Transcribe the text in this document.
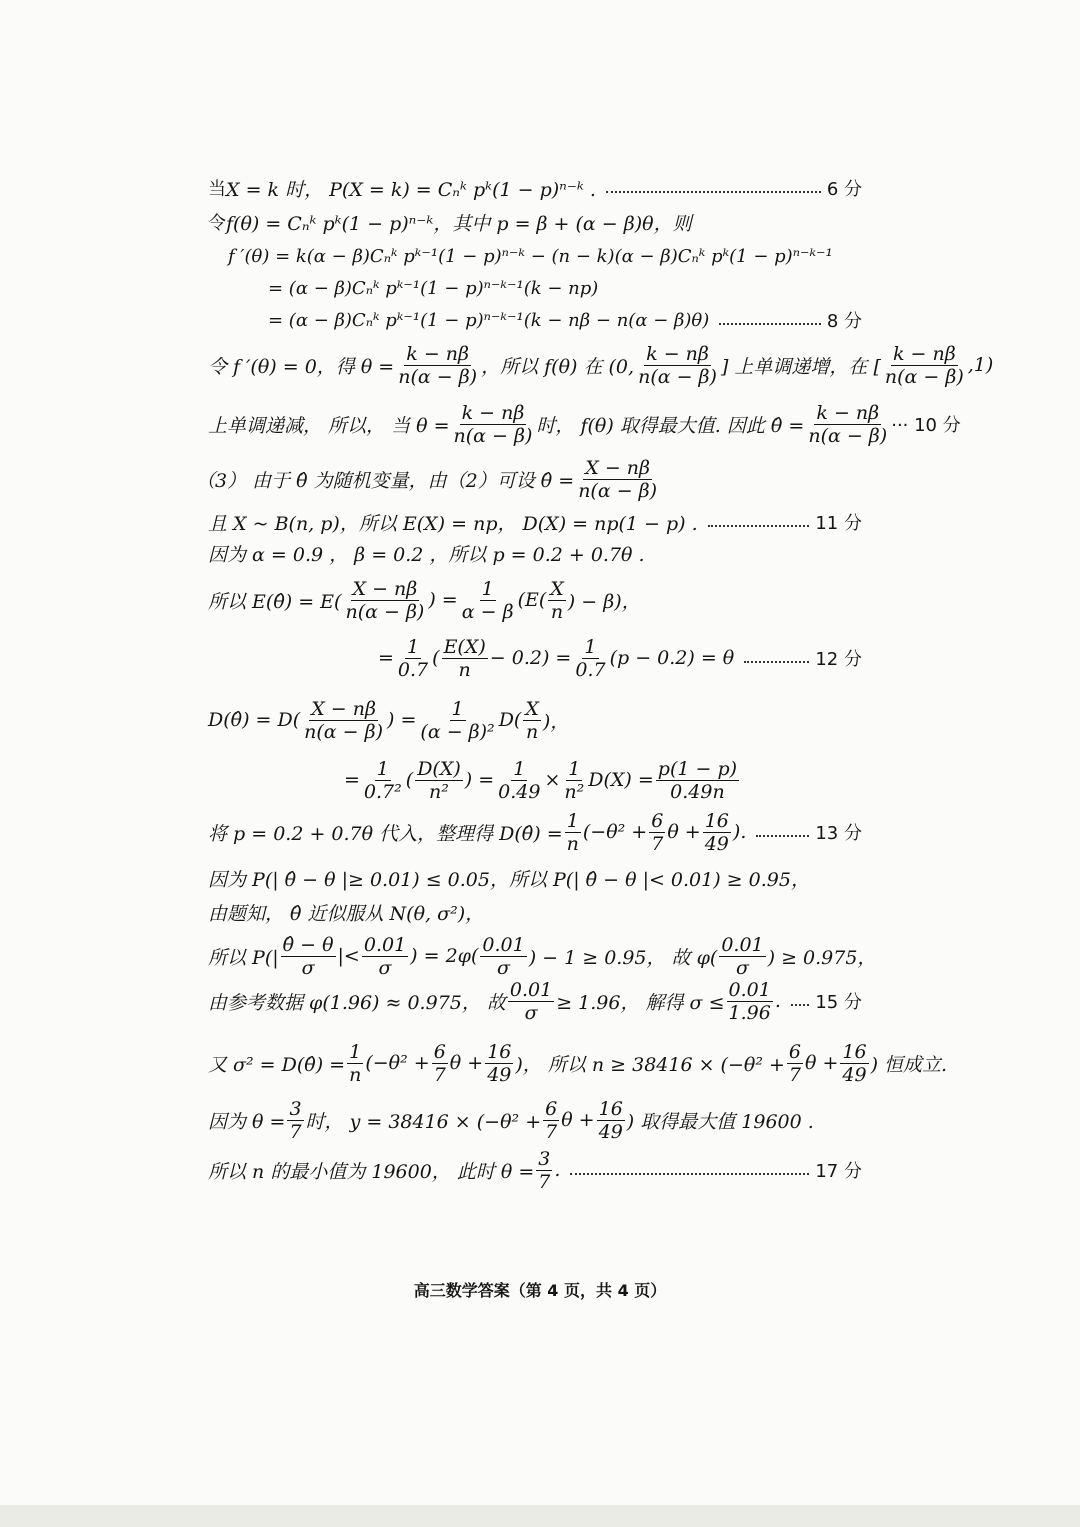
当 X = k 时， P(X = k) = Cₙᵏ pᵏ(1 − p)ⁿ⁻ᵏ .	6 分
令 f(θ) = Cₙᵏ pᵏ(1 − p)ⁿ⁻ᵏ，其中 p = β + (α − β)θ，则
f ′(θ) = k(α − β)Cₙᵏ pᵏ⁻¹(1 − p)ⁿ⁻ᵏ − (n − k)(α − β)Cₙᵏ pᵏ(1 − p)ⁿ⁻ᵏ⁻¹
= (α − β)Cₙᵏ pᵏ⁻¹(1 − p)ⁿ⁻ᵏ⁻¹(k − np)
= (α − β)Cₙᵏ pᵏ⁻¹(1 − p)ⁿ⁻ᵏ⁻¹(k − nβ − n(α − β)θ)	8 分
令 f ′(θ) = 0，得 $\theta = \frac{k - n\beta}{n(\alpha - \beta)}$ ，所以 f(θ) 在 (0,
k − nβ
n(α − β) ] 上单调递增，在 [
k − nβ
n(α − β)
,1)
上单调递减， 所以， 当 $\theta = \frac{k - n\beta}{n(\alpha - \beta)}$ 时， f(θ) 取得最大值. 因此 θ̂ = $\frac{k - n\beta}{n(\alpha - \beta)}$ ··· 10 分
（3） 由于 θ̂ 为随机变量，由（2）可设 θ̂ = $\frac{X - n\beta}{n(\alpha - \beta)}$
且 X ~ B(n, p)，所以 E(X) = np， D(X) = np(1 − p) .	11 分
因为 α = 0.9 ， β = 0.2 ，所以 p = 0.2 + 0.7θ .
所以 E(θ̂) = E(
X − nβ
n(α − β)
) = $\frac{1}{\alpha - \beta} (E$(
X
n ) − β)，
= $\frac{1}{0.7}$ (
E(X)
n
− $0.2) = \frac{1}{0.7} (p - 0.2) = \theta$	12 分
D(θ̂) = D(
X − nβ
n(α − β)
) = $\frac{1}{\text{(α − β)²}} D$(
X
n )，
= $\frac{1}{\text{0.7²}}$ (
D(X)
n²
) = $\frac{1}{0.49} \times \frac{1}{\text{n²}} D(X) = \frac{p(1 - p)}{0.49n}$
将 p = 0.2 + 0.7θ 代入，整理得 D(θ̂) = $\frac{1}{n} (-\theta^2 + \frac{6}{7}$ $\theta + \frac{16}{49}$ ).	13 分
因为 P(| θ̂ − θ |≥ 0.01) ≤ 0.05，所以 P(| θ̂ − θ |< 0.01) ≥ 0.95，
由题知， θ̂ 近似服从 N(θ, σ²)，
所以 P(|
θ̂ − θ
σ
|<
0.01
σ
) = 2φ(
0.01
σ ) − 1 ≥ 0.95， 故 φ(
0.01
σ ) ≥ 0.975，
由参考数据 φ(1.96) ≈ 0.975， 故 $\frac{0.01}{\sigma} \ge 1.96$， 解得 $\sigma \le \frac{0.01}{1.96}$ . 15 分
又 σ² = D(θ̂) = $\frac{1}{n} (-\theta^2 + \frac{6}{7}$ $\theta + \frac{16}{49}$ )， 所以 $n \ge 38416 \times (-\theta^2 + \frac{6}{7}$ $\theta + \frac{16}{49}$ ) 恒成立.
因为 $\theta = \frac{3}{7}$ 时， $y = 38416 \times (-\theta^2 + \frac{6}{7}$ $\theta + \frac{16}{49}$ ) 取得最大值 19600 .
所以 n 的最小值为 19600， 此时 $\theta = \frac{3}{7}$ .	17 分
高三数学答案（第 4 页，共 4 页）
